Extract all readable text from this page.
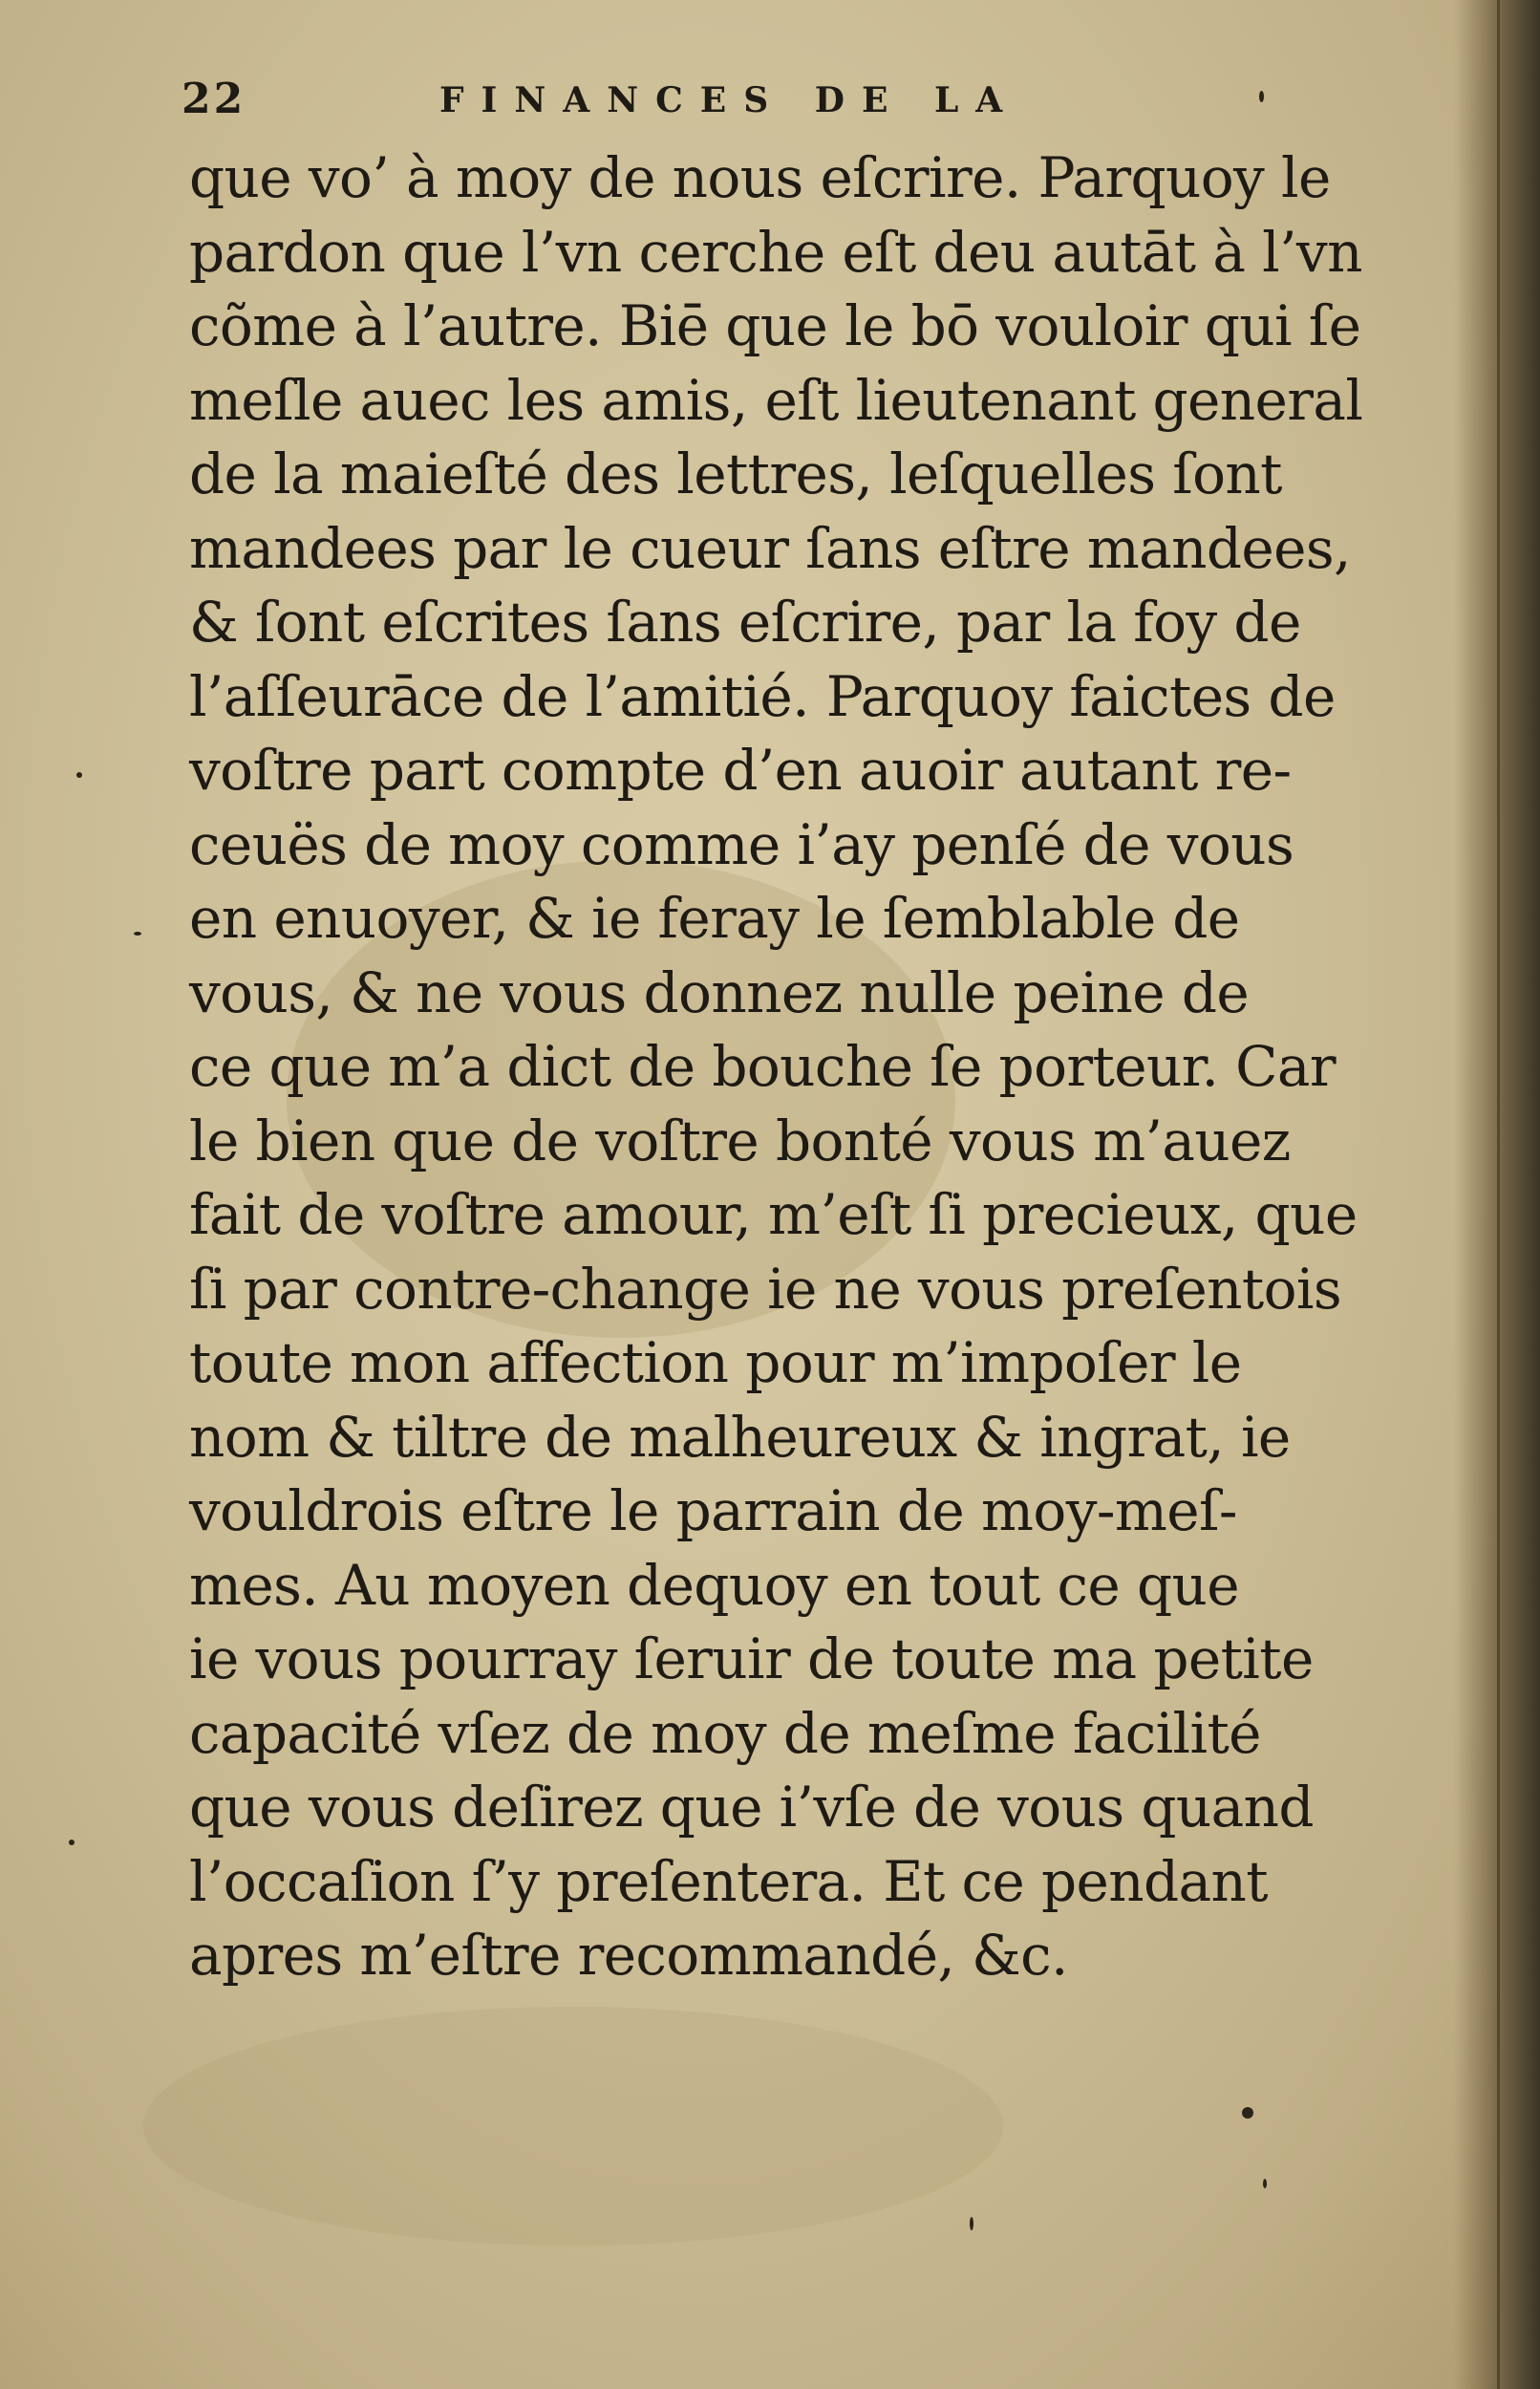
22	FINANCES DE LA
que vo’ à moy de nous eſcrire. Parquoy le
pardon que l’vn cerche eſt deu autāt à l’vn
cõme à l’autre. Biē que le bō vouloir qui ſe
meſle auec les amis, eſt lieutenant general
de la maieſté des lettres, leſquelles ſont
mandees par le cueur ſans eſtre mandees,
& ſont eſcrites ſans eſcrire, par la foy de
l’aſſeurāce de l’amitié. Parquoy faictes de
voſtre part compte d’en auoir autant re-
ceuës de moy comme i’ay penſé de vous
en enuoyer, & ie feray le ſemblable de
vous, & ne vous donnez nulle peine de
ce que m’a dict de bouche ſe porteur. Car
le bien que de voſtre bonté vous m’auez
fait de voſtre amour, m’eſt ſi precieux, que
ſi par contre-change ie ne vous preſentois
toute mon affection pour m’impoſer le
nom & tiltre de malheureux & ingrat, ie
vouldrois eſtre le parrain de moy-meſ-
mes. Au moyen dequoy en tout ce que
ie vous pourray ſeruir de toute ma petite
capacité vſez de moy de meſme facilité
que vous deſirez que i’vſe de vous quand
l’occaſion ſ’y preſentera. Et ce pendant
apres m’eſtre recommandé, &c.
